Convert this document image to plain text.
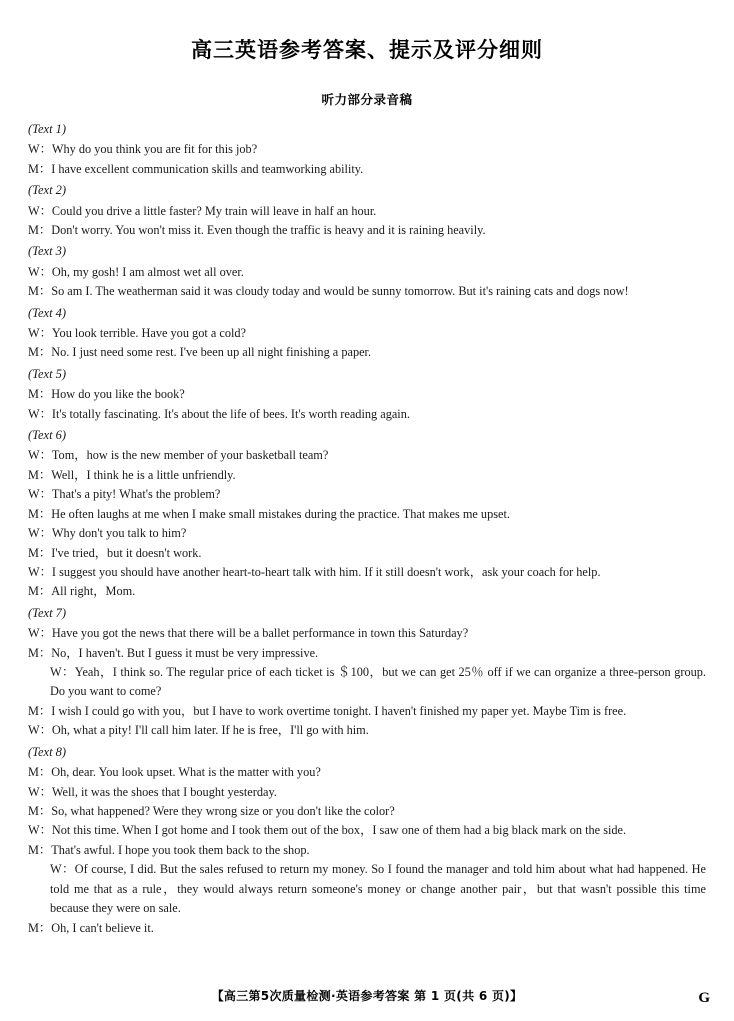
高三英语参考答案、提示及评分细则
听力部分录音稿
(Text 1)

W：Why do you think you are fit for this job?

M：I have excellent communication skills and teamworking ability.

(Text 2)

W：Could you drive a little faster? My train will leave in half an hour.

M：Don't worry. You won't miss it. Even though the traffic is heavy and it is raining heavily.

(Text 3)

W：Oh, my gosh! I am almost wet all over.

M：So am I. The weatherman said it was cloudy today and would be sunny tomorrow. But it's raining cats and dogs now!

(Text 4)

W：You look terrible. Have you got a cold?

M：No. I just need some rest. I've been up all night finishing a paper.

(Text 5)

M：How do you like the book?

W：It's totally fascinating. It's about the life of bees. It's worth reading again.

(Text 6)

W：Tom，how is the new member of your basketball team?

M：Well，I think he is a little unfriendly.

W：That's a pity! What's the problem?

M：He often laughs at me when I make small mistakes during the practice. That makes me upset.

W：Why don't you talk to him?

M：I've tried，but it doesn't work.

W：I suggest you should have another heart-to-heart talk with him. If it still doesn't work，ask your coach for help.

M：All right，Mom.

(Text 7)

W：Have you got the news that there will be a ballet performance in town this Saturday?

M：No，I haven't. But I guess it must be very impressive.

W：Yeah，I think so. The regular price of each ticket is ＄100，but we can get 25％ off if we can organize a three-person group. Do you want to come?

M：I wish I could go with you，but I have to work overtime tonight. I haven't finished my paper yet. Maybe Tim is free.

W：Oh, what a pity! I'll call him later. If he is free，I'll go with him.

(Text 8)

M：Oh, dear. You look upset. What is the matter with you?

W：Well, it was the shoes that I bought yesterday.

M：So, what happened? Were they wrong size or you don't like the color?

W：Not this time. When I got home and I took them out of the box，I saw one of them had a big black mark on the side.

M：That's awful. I hope you took them back to the shop.

W：Of course, I did. But the sales refused to return my money. So I found the manager and told him about what had happened. He told me that as a rule，they would always return someone's money or change another pair，but that wasn't possible this time because they were on sale.

M：Oh, I can't believe it.

【高三第5次质量检测·英语参考答案 第 1 页(共 6 页)】	G
